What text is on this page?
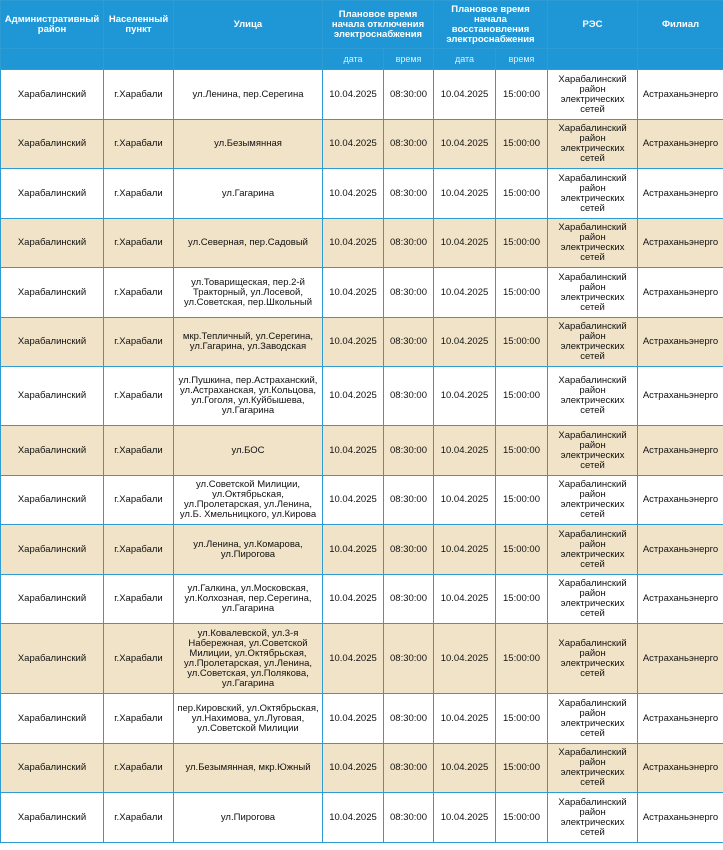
Административный район	Населенный пункт	Улица	Плановое время начала отключения электроснабжения		Плановое время начала восстановления электроснабжения		РЭС	Филиал
			дата	время	дата	время		
Харабалинский	г.Харабали	ул.Ленина, пер.Серегина	10.04.2025	08:30:00	10.04.2025	15:00:00	Харабалинский район электрических сетей	Астраханьэнерго
Харабалинский	г.Харабали	ул.Безымянная	10.04.2025	08:30:00	10.04.2025	15:00:00	Харабалинский район электрических сетей	Астраханьэнерго
Харабалинский	г.Харабали	ул.Гагарина	10.04.2025	08:30:00	10.04.2025	15:00:00	Харабалинский район электрических сетей	Астраханьэнерго
Харабалинский	г.Харабали	ул.Северная, пер.Садовый	10.04.2025	08:30:00	10.04.2025	15:00:00	Харабалинский район электрических сетей	Астраханьэнерго
Харабалинский	г.Харабали	ул.Товарищеская, пер.2-й Тракторный, ул.Лосевой, ул.Советская, пер.Школьный	10.04.2025	08:30:00	10.04.2025	15:00:00	Харабалинский район электрических сетей	Астраханьэнерго
Харабалинский	г.Харабали	мкр.Тепличный, ул.Серегина, ул.Гагарина, ул.Заводская	10.04.2025	08:30:00	10.04.2025	15:00:00	Харабалинский район электрических сетей	Астраханьэнерго
Харабалинский	г.Харабали	ул.Пушкина, пер.Астраханский, ул.Астраханская, ул.Кольцова, ул.Гоголя, ул.Куйбышева, ул.Гагарина	10.04.2025	08:30:00	10.04.2025	15:00:00	Харабалинский район электрических сетей	Астраханьэнерго
Харабалинский	г.Харабали	ул.БОС	10.04.2025	08:30:00	10.04.2025	15:00:00	Харабалинский район электрических сетей	Астраханьэнерго
Харабалинский	г.Харабали	ул.Советской Милиции, ул.Октябрьская, ул.Пролетарская, ул.Ленина, ул.Б. Хмельницкого, ул.Кирова	10.04.2025	08:30:00	10.04.2025	15:00:00	Харабалинский район электрических сетей	Астраханьэнерго
Харабалинский	г.Харабали	ул.Ленина, ул.Комарова, ул.Пирогова	10.04.2025	08:30:00	10.04.2025	15:00:00	Харабалинский район электрических сетей	Астраханьэнерго
Харабалинский	г.Харабали	ул.Галкина, ул.Московская, ул.Колхозная, пер.Серегина, ул.Гагарина	10.04.2025	08:30:00	10.04.2025	15:00:00	Харабалинский район электрических сетей	Астраханьэнерго
Харабалинский	г.Харабали	ул.Ковалевской, ул.3-я Набережная, ул.Советской Милиции, ул.Октябрьская, ул.Пролетарская, ул.Ленина, ул.Советская, ул.Полякова, ул.Гагарина	10.04.2025	08:30:00	10.04.2025	15:00:00	Харабалинский район электрических сетей	Астраханьэнерго
Харабалинский	г.Харабали	пер.Кировский, ул.Октябрьская, ул.Нахимова, ул.Луговая, ул.Советской Милиции	10.04.2025	08:30:00	10.04.2025	15:00:00	Харабалинский район электрических сетей	Астраханьэнерго
Харабалинский	г.Харабали	ул.Безымянная, мкр.Южный	10.04.2025	08:30:00	10.04.2025	15:00:00	Харабалинский район электрических сетей	Астраханьэнерго
Харабалинский	г.Харабали	ул.Пирогова	10.04.2025	08:30:00	10.04.2025	15:00:00	Харабалинский район электрических сетей	Астраханьэнерго
